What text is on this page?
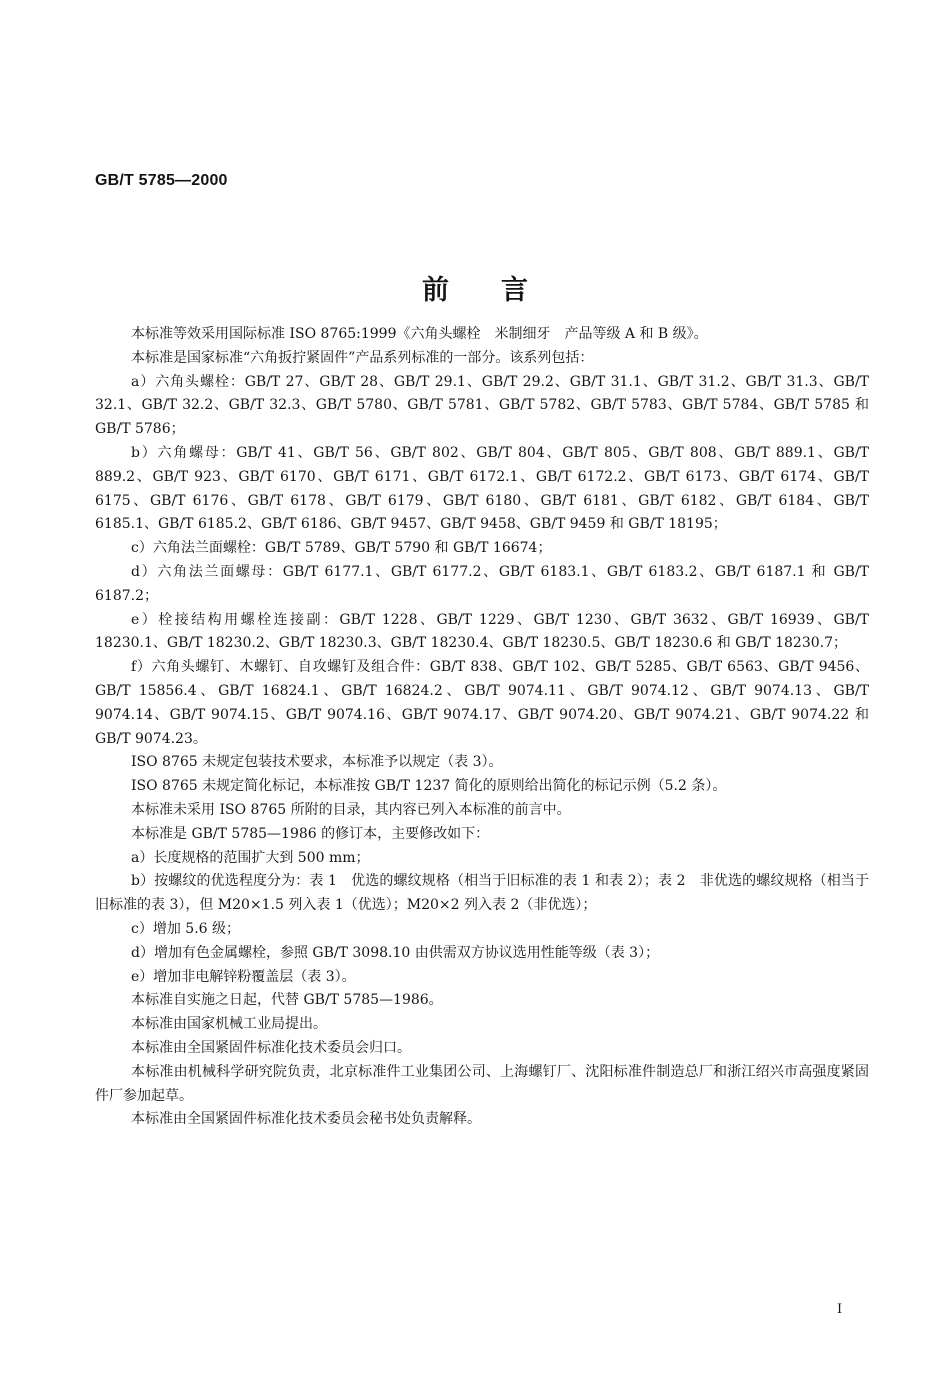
GB/T 5785—2000
前言

本标准等效采用国际标准 ISO 8765:1999《六角头螺栓　米制细牙　产品等级 A 和 B 级》。

本标准是国家标准“六角扳拧紧固件”产品系列标准的一部分。该系列包括：

a）六角头螺栓：GB/T 27、GB/T 28、GB/T 29.1、GB/T 29.2、GB/T 31.1、GB/T 31.2、GB/T 31.3、GB/T 32.1、GB/T 32.2、GB/T 32.3、GB/T 5780、GB/T 5781、GB/T 5782、GB/T 5783、GB/T 5784、GB/T 5785 和 GB/T 5786；

b）六角螺母：GB/T 41、GB/T 56、GB/T 802、GB/T 804、GB/T 805、GB/T 808、GB/T 889.1、GB/T 889.2、GB/T 923、GB/T 6170、GB/T 6171、GB/T 6172.1、GB/T 6172.2、GB/T 6173、GB/T 6174、GB/T 6175、GB/T 6176、GB/T 6178、GB/T 6179、GB/T 6180、GB/T 6181、GB/T 6182、GB/T 6184、GB/T 6185.1、GB/T 6185.2、GB/T 6186、GB/T 9457、GB/T 9458、GB/T 9459 和 GB/T 18195；

c）六角法兰面螺栓：GB/T 5789、GB/T 5790 和 GB/T 16674；

d）六角法兰面螺母：GB/T 6177.1、GB/T 6177.2、GB/T 6183.1、GB/T 6183.2、GB/T 6187.1 和 GB/T 6187.2；

e）栓接结构用螺栓连接副：GB/T 1228、GB/T 1229、GB/T 1230、GB/T 3632、GB/T 16939、GB/T 18230.1、GB/T 18230.2、GB/T 18230.3、GB/T 18230.4、GB/T 18230.5、GB/T 18230.6 和 GB/T 18230.7；

f）六角头螺钉、木螺钉、自攻螺钉及组合件：GB/T 838、GB/T 102、GB/T 5285、GB/T 6563、GB/T 9456、GB/T 15856.4、GB/T 16824.1、GB/T 16824.2、GB/T 9074.11、GB/T 9074.12、GB/T 9074.13、GB/T 9074.14、GB/T 9074.15、GB/T 9074.16、GB/T 9074.17、GB/T 9074.20、GB/T 9074.21、GB/T 9074.22 和 GB/T 9074.23。

ISO 8765 未规定包装技术要求，本标准予以规定（表 3）。

ISO 8765 未规定简化标记，本标准按 GB/T 1237 简化的原则给出简化的标记示例（5.2 条）。

本标准未采用 ISO 8765 所附的目录，其内容已列入本标准的前言中。

本标准是 GB/T 5785—1986 的修订本，主要修改如下：

a）长度规格的范围扩大到 500 mm；

b）按螺纹的优选程度分为：表 1　优选的螺纹规格（相当于旧标准的表 1 和表 2）；表 2　非优选的螺纹规格（相当于旧标准的表 3），但 M20×1.5 列入表 1（优选）；M20×2 列入表 2（非优选）；

c）增加 5.6 级；

d）增加有色金属螺栓，参照 GB/T 3098.10 由供需双方协议选用性能等级（表 3）；

e）增加非电解锌粉覆盖层（表 3）。

本标准自实施之日起，代替 GB/T 5785—1986。

本标准由国家机械工业局提出。

本标准由全国紧固件标准化技术委员会归口。

本标准由机械科学研究院负责，北京标准件工业集团公司、上海螺钉厂、沈阳标准件制造总厂和浙江绍兴市高强度紧固件厂参加起草。

本标准由全国紧固件标准化技术委员会秘书处负责解释。

I
